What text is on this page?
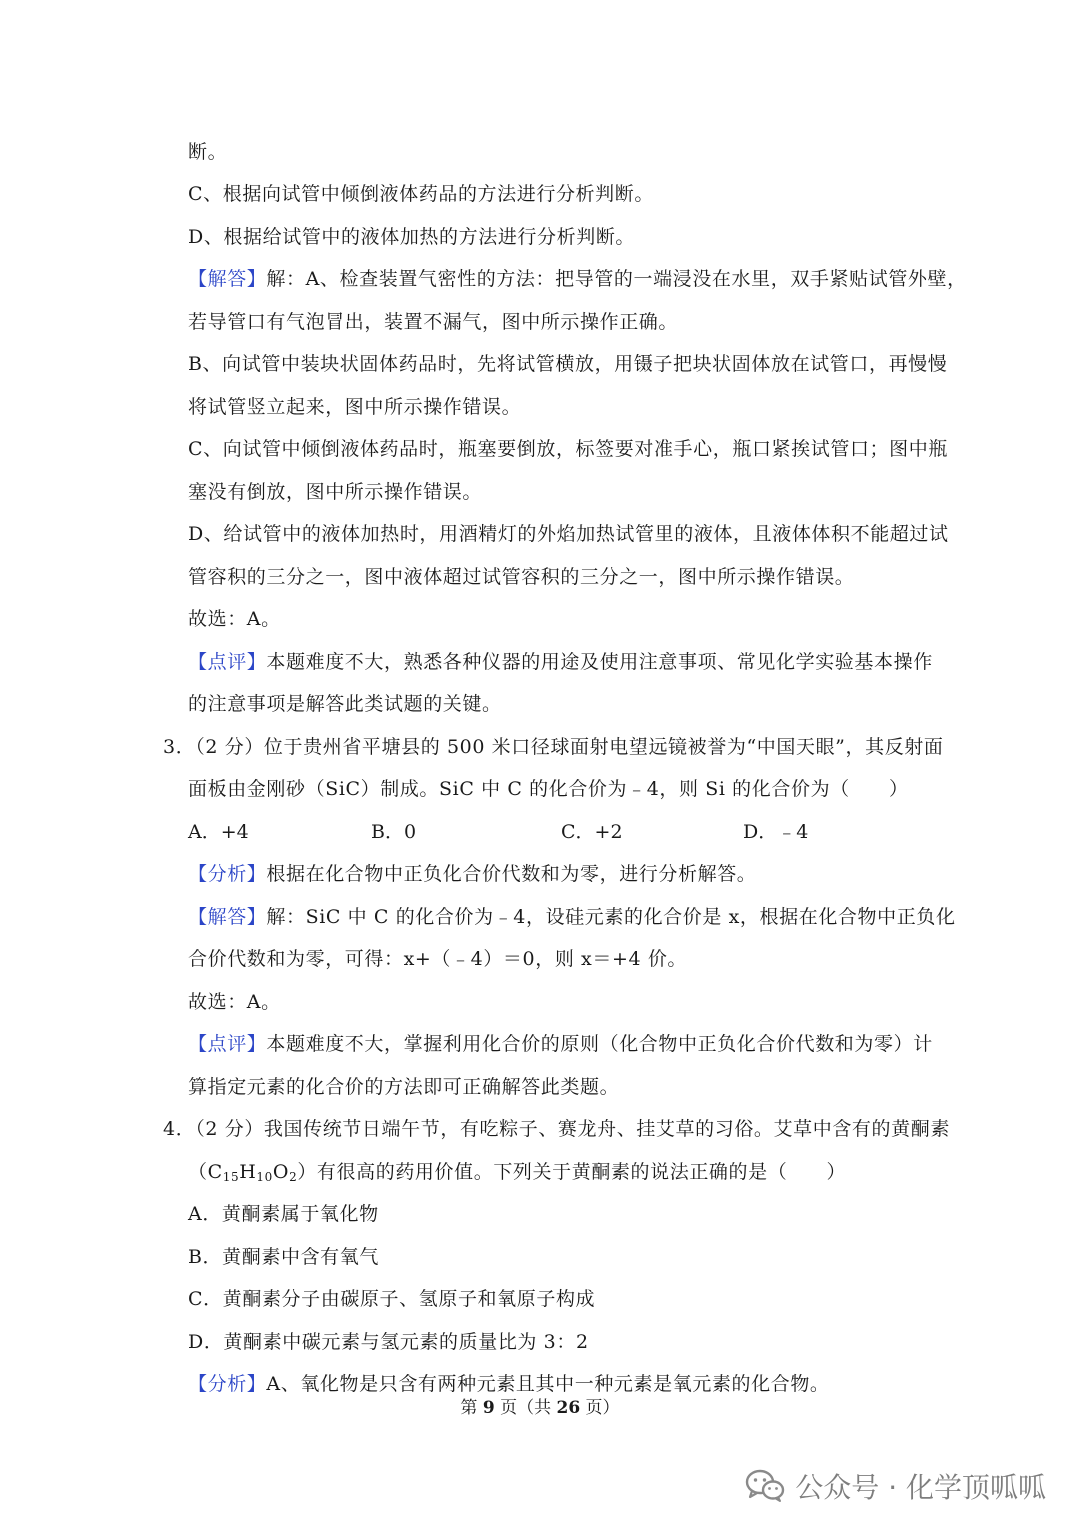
断。
C、根据向试管中倾倒液体药品的方法进行分析判断。
D、根据给试管中的液体加热的方法进行分析判断。
【解答】解：A、检查装置气密性的方法：把导管的一端浸没在水里，双手紧贴试管外壁，
若导管口有气泡冒出，装置不漏气，图中所示操作正确。
B、向试管中装块状固体药品时，先将试管横放，用镊子把块状固体放在试管口，再慢慢
将试管竖立起来，图中所示操作错误。
C、向试管中倾倒液体药品时，瓶塞要倒放，标签要对准手心，瓶口紧挨试管口；图中瓶
塞没有倒放，图中所示操作错误。
D、给试管中的液体加热时，用酒精灯的外焰加热试管里的液体，且液体体积不能超过试
管容积的三分之一，图中液体超过试管容积的三分之一，图中所示操作错误。
故选：A。
【点评】本题难度不大，熟悉各种仪器的用途及使用注意事项、常见化学实验基本操作
的注意事项是解答此类试题的关键。
3．（2 分）位于贵州省平塘县的 500 米口径球面射电望远镜被誉为“中国天眼”，其反射面
面板由金刚砂（SiC）制成。SiC 中 C 的化合价为﹣4，则 Si 的化合价为（　　）
A．+4	B．0	C．+2	D．﹣4
【分析】根据在化合物中正负化合价代数和为零，进行分析解答。
【解答】解：SiC 中 C 的化合价为﹣4，设硅元素的化合价是 x，根据在化合物中正负化
合价代数和为零，可得：x+（﹣4）＝0，则 x＝+4 价。
故选：A。
【点评】本题难度不大，掌握利用化合价的原则（化合物中正负化合价代数和为零）计
算指定元素的化合价的方法即可正确解答此类题。
4．（2 分）我国传统节日端午节，有吃粽子、赛龙舟、挂艾草的习俗。艾草中含有的黄酮素
$(C_{15}H_{10}O_2)$有很高的药用价值。下列关于黄酮素的说法正确的是（　　）
A．黄酮素属于氧化物
B．黄酮素中含有氧气
C．黄酮素分子由碳原子、氢原子和氧原子构成
D．黄酮素中碳元素与氢元素的质量比为 3：2
【分析】A、氧化物是只含有两种元素且其中一种元素是氧元素的化合物。
第 9 页（共 26 页）
公众号 · 化学顶呱呱
